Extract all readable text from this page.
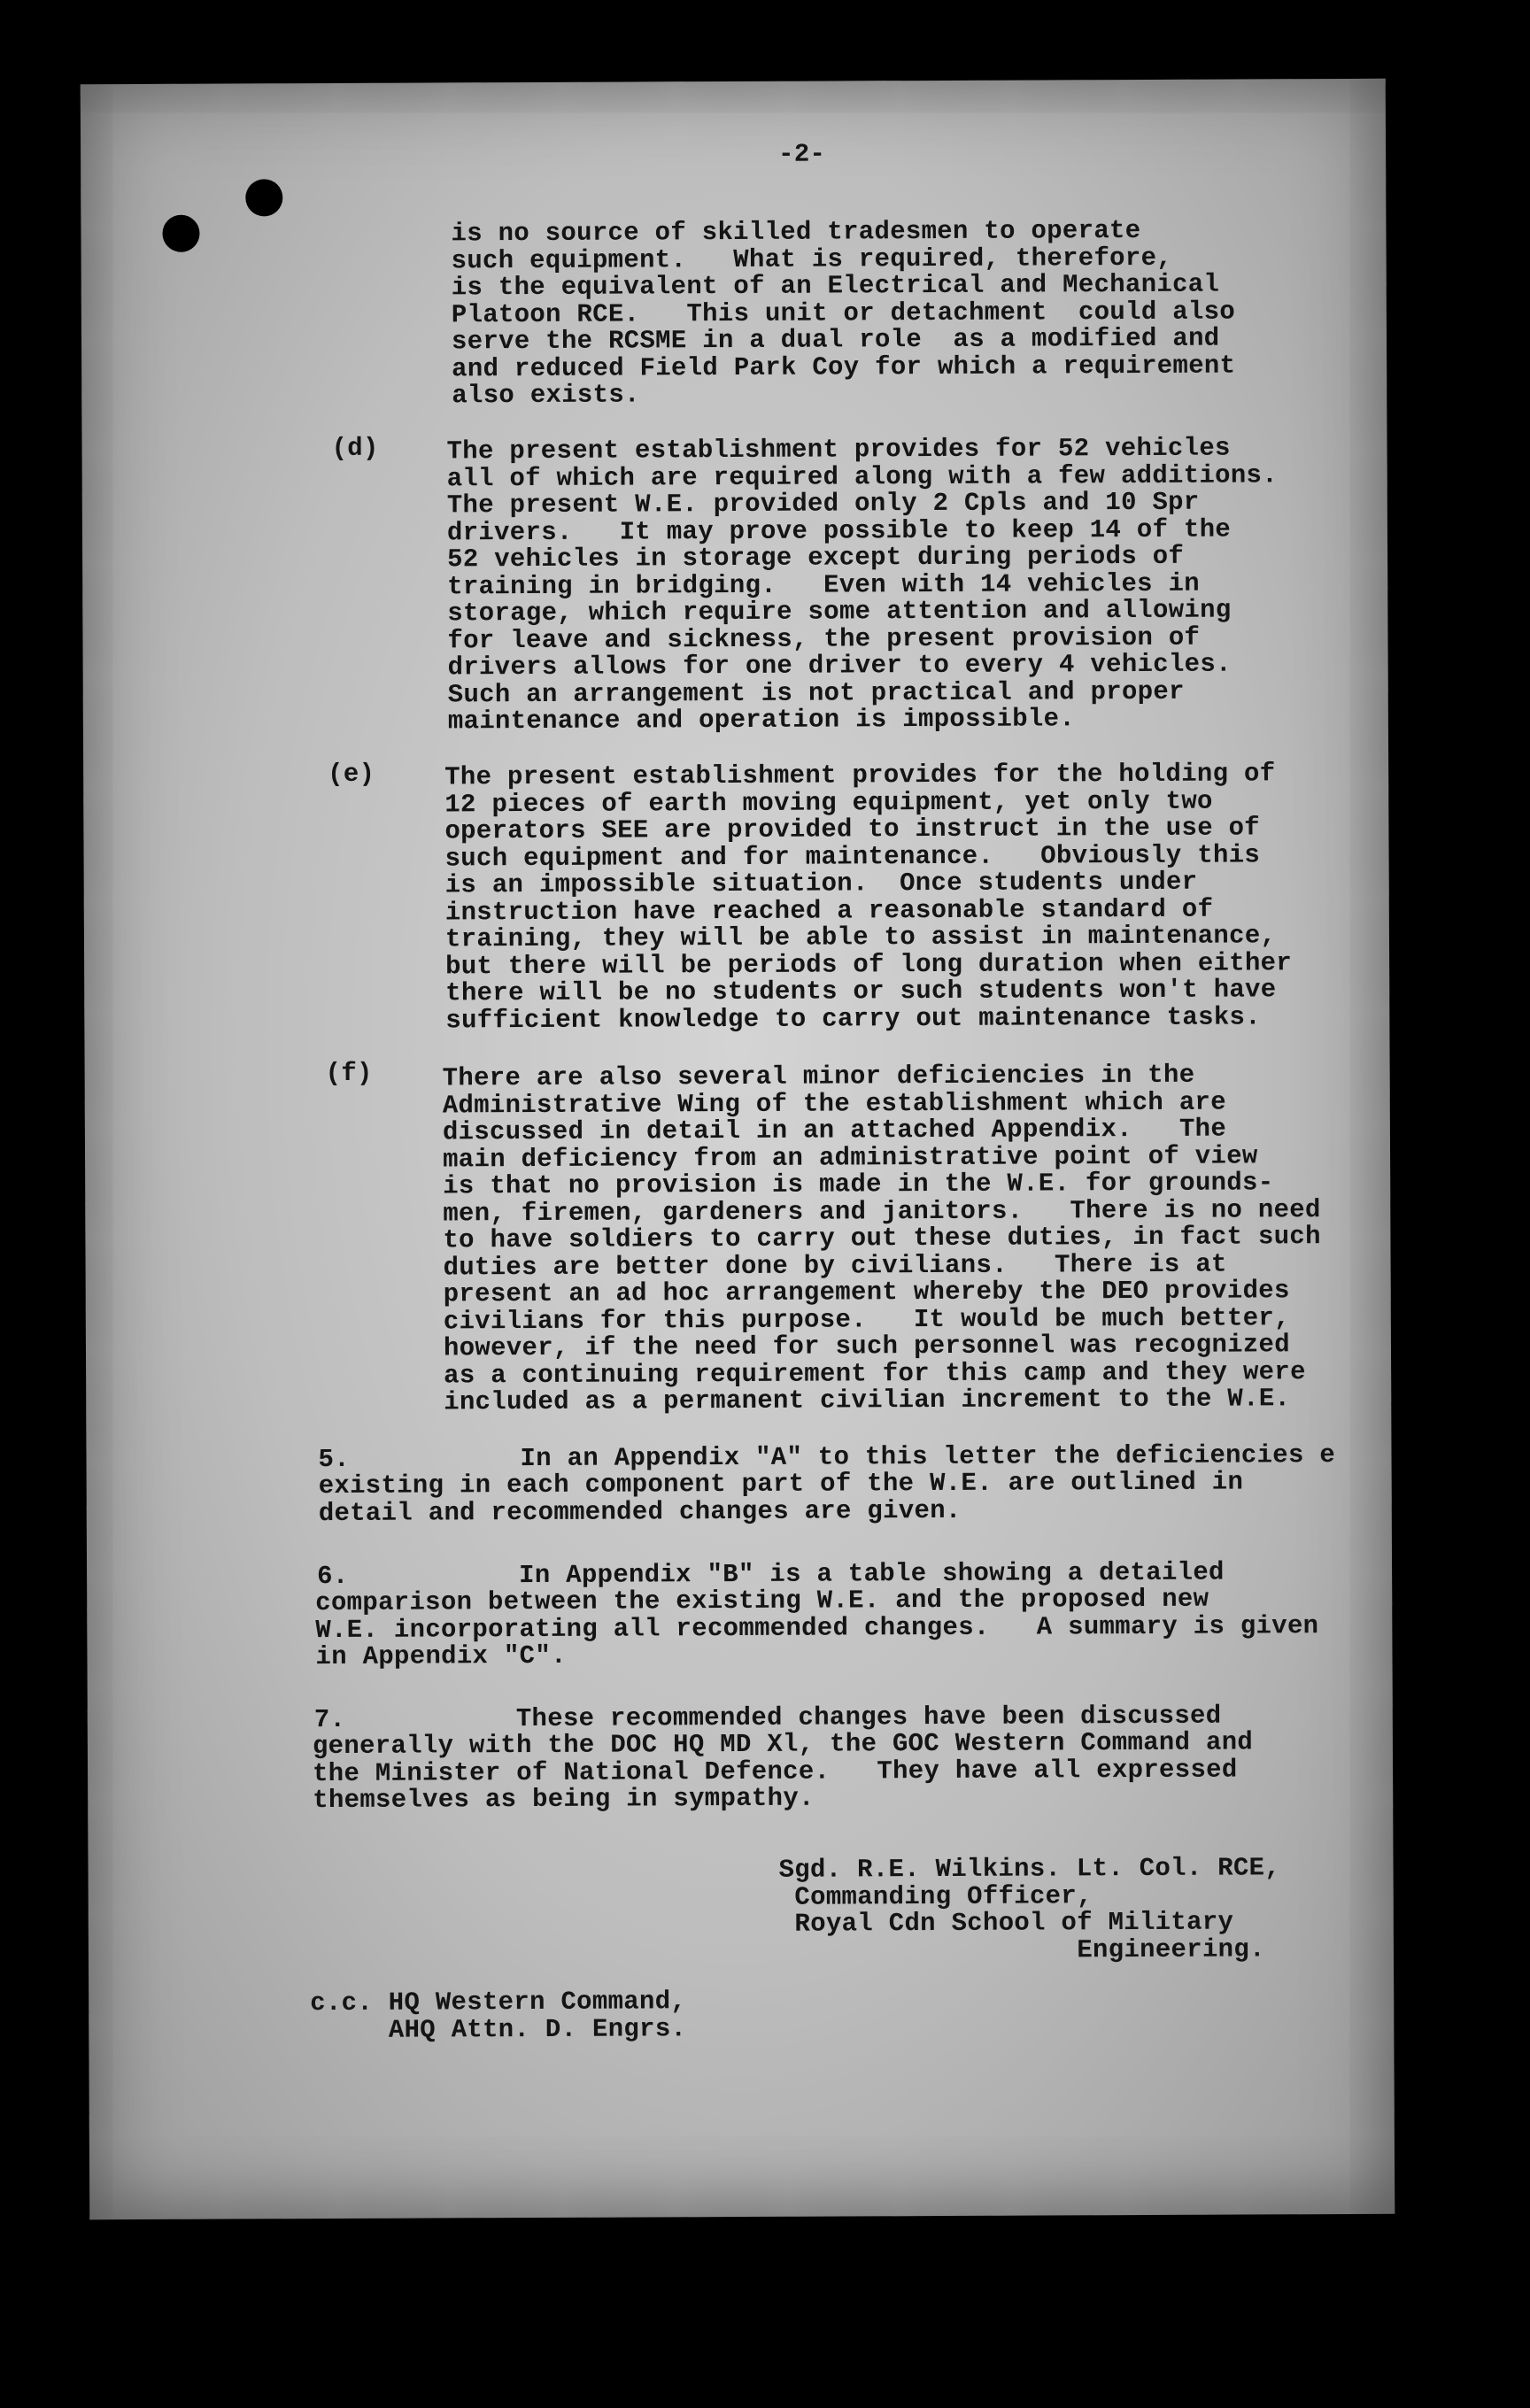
-2-
is no source of skilled tradesmen to operate
such equipment.   What is required, therefore,
is the equivalent of an Electrical and Mechanical
Platoon RCE.   This unit or detachment  could also
serve the RCSME in a dual role  as a modified and
and reduced Field Park Coy for which a requirement
also exists.
(d)	The present establishment provides for 52 vehicles
all of which are required along with a few additions.
The present W.E. provided only 2 Cpls and 10 Spr
drivers.   It may prove possible to keep 14 of the
52 vehicles in storage except during periods of
training in bridging.   Even with 14 vehicles in
storage, which require some attention and allowing
for leave and sickness, the present provision of
drivers allows for one driver to every 4 vehicles.
Such an arrangement is not practical and proper
maintenance and operation is impossible.
(e)	The present establishment provides for the holding of
12 pieces of earth moving equipment, yet only two
operators SEE are provided to instruct in the use of
such equipment and for maintenance.   Obviously this
is an impossible situation.  Once students under
instruction have reached a reasonable standard of
training, they will be able to assist in maintenance,
but there will be periods of long duration when either
there will be no students or such students won't have
sufficient knowledge to carry out maintenance tasks.
(f)	There are also several minor deficiencies in the
Administrative Wing of the establishment which are
discussed in detail in an attached Appendix.   The
main deficiency from an administrative point of view
is that no provision is made in the W.E. for grounds-
men, firemen, gardeners and janitors.   There is no need
to have soldiers to carry out these duties, in fact such
duties are better done by civilians.   There is at
present an ad hoc arrangement whereby the DEO provides
civilians for this purpose.   It would be much better,
however, if the need for such personnel was recognized
as a continuing requirement for this camp and they were
included as a permanent civilian increment to the W.E.
5.	In an Appendix "A" to this letter the deficiencies e
existing in each component part of the W.E. are outlined in
detail and recommended changes are given.
6.	In Appendix "B" is a table showing a detailed
comparison between the existing W.E. and the proposed new
W.E. incorporating all recommended changes.   A summary is given
in Appendix "C".
7.	These recommended changes have been discussed
generally with the DOC HQ MD Xl, the GOC Western Command and
the Minister of National Defence.   They have all expressed
themselves as being in sympathy.
Sgd. R.E. Wilkins. Lt. Col. RCE,
Commanding Officer,
Royal Cdn School of Military
Engineering.
c.c. HQ Western Command,
AHQ Attn. D. Engrs.
